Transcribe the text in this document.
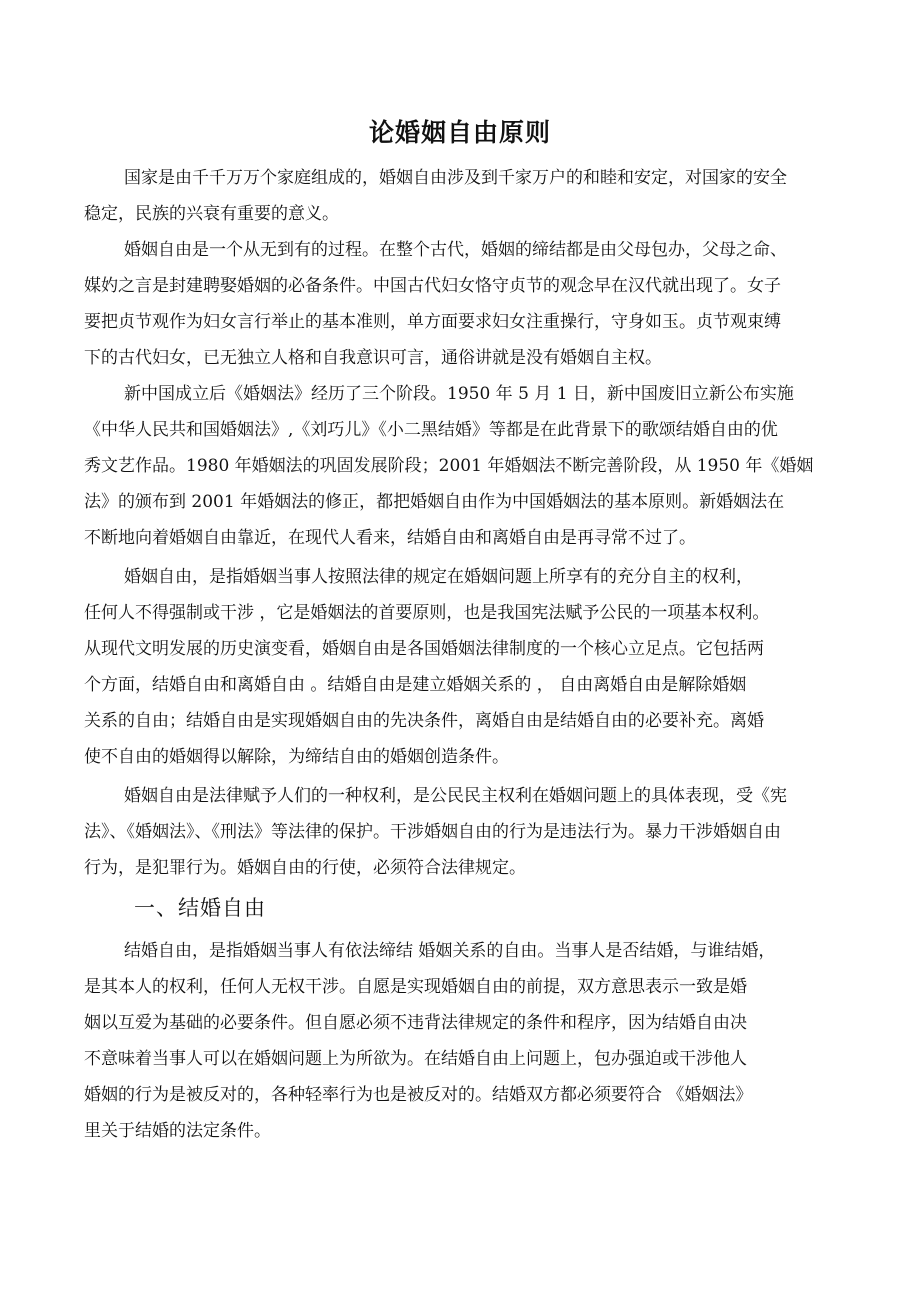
论婚姻自由原则
国家是由千千万万个家庭组成的，婚姻自由涉及到千家万户的和睦和安定，对国家的安全
稳定，民族的兴衰有重要的意义。
婚姻自由是一个从无到有的过程。在整个古代，婚姻的缔结都是由父母包办，父母之命、
媒妁之言是封建聘娶婚姻的必备条件。中国古代妇女恪守贞节的观念早在汉代就出现了。女子
要把贞节观作为妇女言行举止的基本准则，单方面要求妇女注重操行，守身如玉。贞节观束缚
下的古代妇女，已无独立人格和自我意识可言，通俗讲就是没有婚姻自主权。
新中国成立后《婚姻法》经历了三个阶段。1950 年 5 月 1 日，新中国废旧立新公布实施
《中华人民共和国婚姻法》,《刘巧儿》《小二黑结婚》等都是在此背景下的歌颂结婚自由的优
秀文艺作品。1980 年婚姻法的巩固发展阶段；2001 年婚姻法不断完善阶段，从 1950 年《婚姻
法》的颁布到 2001 年婚姻法的修正，都把婚姻自由作为中国婚姻法的基本原则。新婚姻法在
不断地向着婚姻自由靠近，在现代人看来，结婚自由和离婚自由是再寻常不过了。
婚姻自由，是指婚姻当事人按照法律的规定在婚姻问题上所享有的充分自主的权利，
任何人不得强制或干涉 ，它是婚姻法的首要原则，也是我国宪法赋予公民的一项基本权利。
从现代文明发展的历史演变看，婚姻自由是各国婚姻法律制度的一个核心立足点。它包括两
个方面，结婚自由和离婚自由 。结婚自由是建立婚姻关系的 ， 自由离婚自由是解除婚姻
关系的自由；结婚自由是实现婚姻自由的先决条件，离婚自由是结婚自由的必要补充。离婚
使不自由的婚姻得以解除，为缔结自由的婚姻创造条件。
婚姻自由是法律赋予人们的一种权利，是公民民主权利在婚姻问题上的具体表现，受《宪
法》、《婚姻法》、《刑法》等法律的保护。干涉婚姻自由的行为是违法行为。暴力干涉婚姻自由
行为，是犯罪行为。婚姻自由的行使，必须符合法律规定。
一、结婚自由
结婚自由，是指婚姻当事人有依法缔结 婚姻关系的自由。当事人是否结婚，与谁结婚，
是其本人的权利，任何人无权干涉。自愿是实现婚姻自由的前提，双方意思表示一致是婚
姻以互爱为基础的必要条件。但自愿必须不违背法律规定的条件和程序，因为结婚自由决
不意味着当事人可以在婚姻问题上为所欲为。在结婚自由上问题上，包办强迫或干涉他人
婚姻的行为是被反对的，各种轻率行为也是被反对的。结婚双方都必须要符合 《婚姻法》
里关于结婚的法定条件。
